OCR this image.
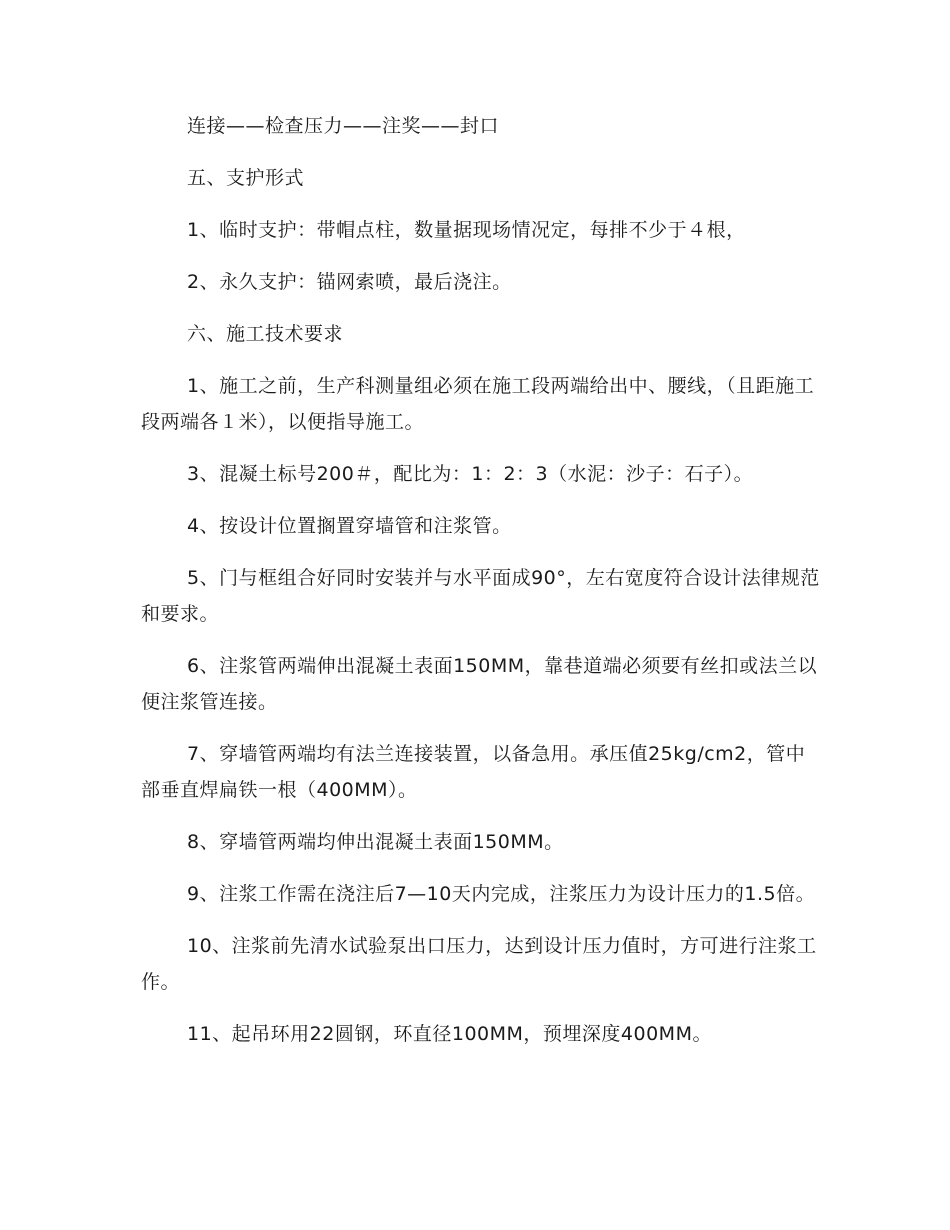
连接——检查压力——注奖——封口

五、支护形式

1、临时支护：带帽点柱，数量据现场情况定，每排不少于４根，

2、永久支护：锚网索喷，最后浇注。

六、施工技术要求

1、施工之前，生产科测量组必须在施工段两端给出中、腰线，（且距施工段两端各１米），以便指导施工。

3、混凝土标号200＃，配比为：1：2：3（水泥：沙子：石子）。

4、按设计位置搁置穿墙管和注浆管。

5、门与框组合好同时安装并与水平面成90°，左右宽度符合设计法律规范和要求。

6、注浆管两端伸出混凝土表面150MM，靠巷道端必须要有丝扣或法兰以便注浆管连接。

7、穿墙管两端均有法兰连接装置，以备急用。承压值25kg/cm2，管中部垂直焊扁铁一根（400MM）。

8、穿墙管两端均伸出混凝土表面150MM。

9、注浆工作需在浇注后7—10天内完成，注浆压力为设计压力的1.5倍。

10、注浆前先清水试验泵出口压力，达到设计压力值时，方可进行注浆工作。

11、起吊环用22圆钢，环直径100MM，预埋深度400MM。
